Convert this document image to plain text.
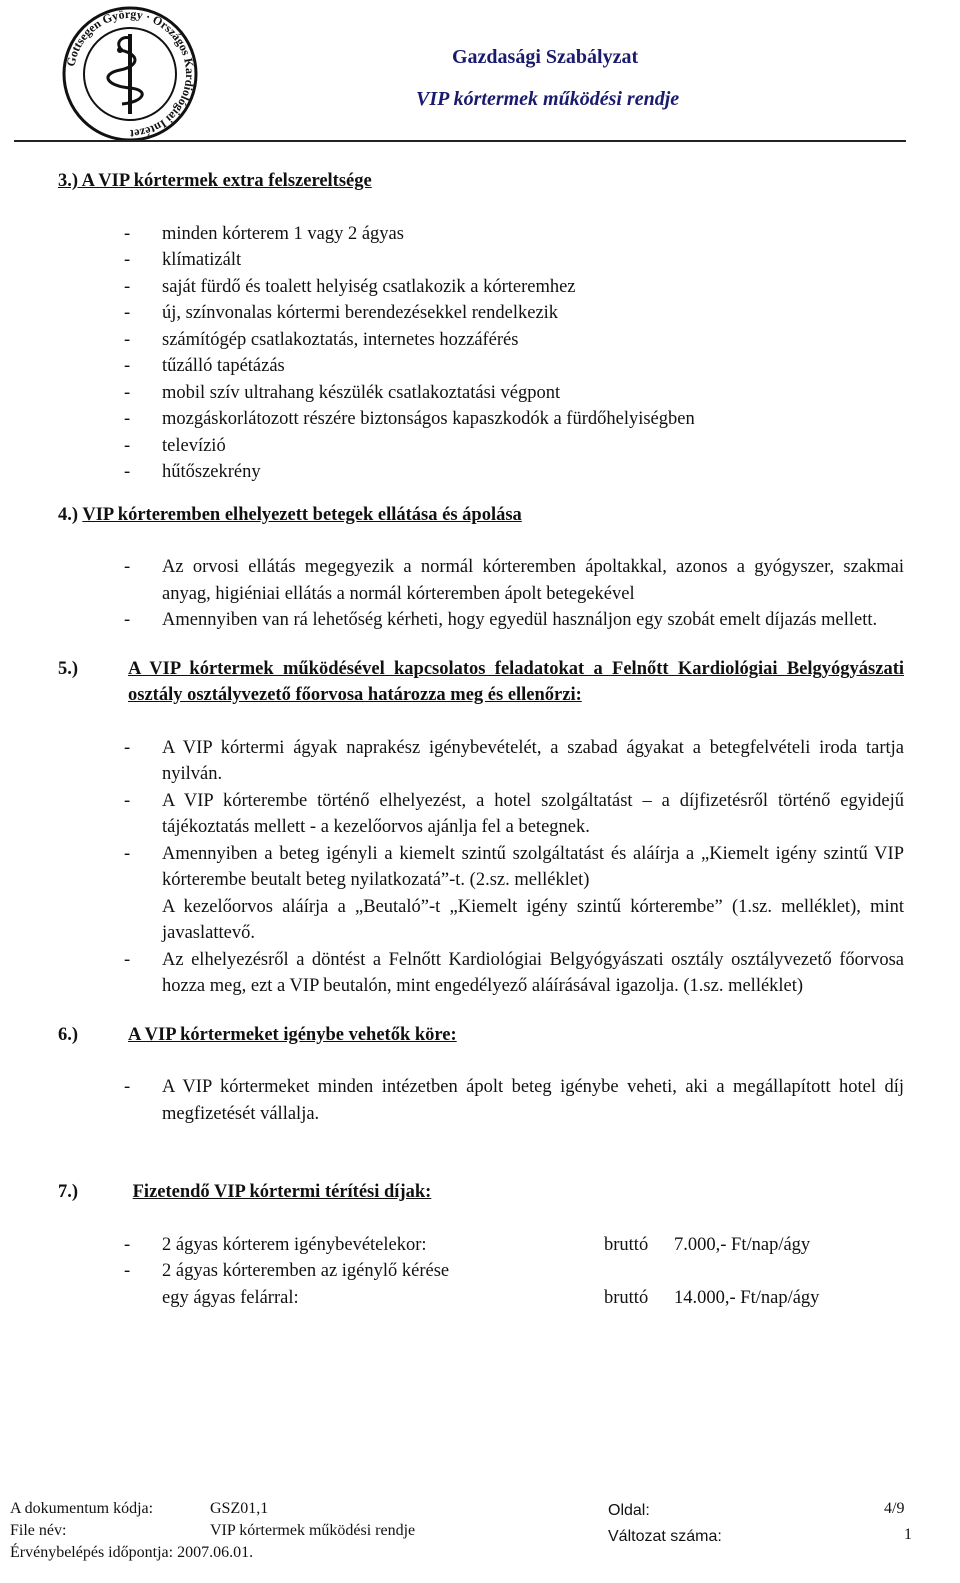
Gottsegen György · Országos Kardiológiai Intézet
Gazdasági Szabályzat
VIP kórtermek működési rendje

3.) A VIP kórtermek extra felszereltsége

- minden kórterem 1 vagy 2 ágyas
- klímatizált
- saját fürdő és toalett helyiség csatlakozik a kórteremhez
- új, színvonalas kórtermi berendezésekkel rendelkezik
- számítógép csatlakoztatás, internetes hozzáférés
- tűzálló tapétázás
- mobil szív ultrahang készülék csatlakoztatási végpont
- mozgáskorlátozott részére biztonságos kapaszkodók a fürdőhelyiségben
- televízió
- hűtőszekrény

4.) VIP kórteremben elhelyezett betegek ellátása és ápolása

- Az orvosi ellátás megegyezik a normál kórteremben ápoltakkal, azonos a gyógyszer, szakmai anyag, higiéniai ellátás a normál kórteremben ápolt betegekével
- Amennyiben van rá lehetőség kérheti, hogy egyedül használjon egy szobát emelt díjazás mellett.

5.)	A VIP kórtermek működésével kapcsolatos feladatokat a Felnőtt Kardiológiai Belgyógyászati osztály osztályvezető főorvosa határozza meg és ellenőrzi:

- A VIP kórtermi ágyak naprakész igénybevételét, a szabad ágyakat a betegfelvételi iroda tartja nyilván.
- A VIP kórterembe történő elhelyezést, a hotel szolgáltatást – a díjfizetésről történő egyidejű tájékoztatás mellett - a kezelőorvos ajánlja fel a betegnek.
- Amennyiben a beteg igényli a kiemelt szintű szolgáltatást és aláírja a „Kiemelt igény szintű VIP kórterembe beutalt beteg nyilatkozatá”-t. (2.sz. melléklet)
A kezelőorvos aláírja a „Beutaló”-t „Kiemelt igény szintű kórterembe” (1.sz. melléklet), mint javaslattevő.
- Az elhelyezésről a döntést a Felnőtt Kardiológiai Belgyógyászati osztály osztályvezető főorvosa hozza meg, ezt a VIP beutalón, mint engedélyező aláírásával igazolja. (1.sz. melléklet)

6.)	A VIP kórtermeket igénybe vehetők köre:

- A VIP kórtermeket minden intézetben ápolt beteg igénybe veheti, aki a megállapított hotel díj megfizetését vállalja.

7.)	Fizetendő VIP kórtermi térítési díjak:

- 2 ágyas kórterem igénybevételekor:	bruttó 7.000,- Ft/nap/ágy
- 2 ágyas kórteremben az igénylő kérése
egy ágyas felárral:	bruttó 14.000,- Ft/nap/ágy
A dokumentum kódja:	GSZ01,1
File név:	VIP kórtermek működési rendje
Érvénybelépés időpontja: 2007.06.01.
Oldal:	4/9
Változat száma:	1
